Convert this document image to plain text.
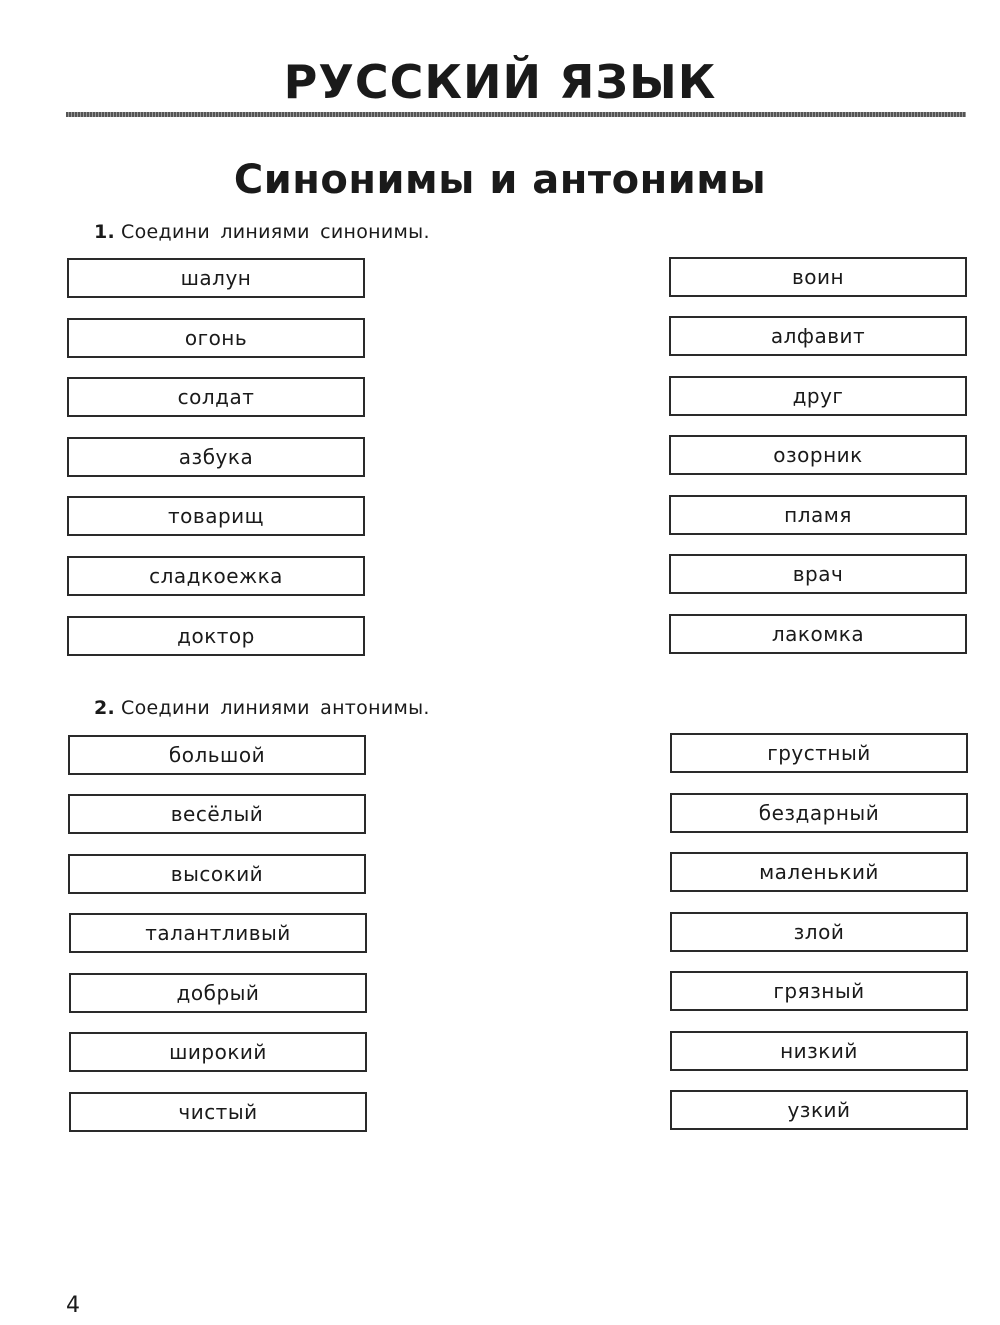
РУССКИЙ ЯЗЫК
Синонимы и антонимы
1. Соедини линиями синонимы.
шалун
огонь
солдат
азбука
товарищ
сладкоежка
доктор
воин
алфавит
друг
озорник
пламя
врач
лакомка
2. Соедини линиями антонимы.
большой
весёлый
высокий
талантливый
добрый
широкий
чистый
грустный
бездарный
маленький
злой
грязный
низкий
узкий
4
